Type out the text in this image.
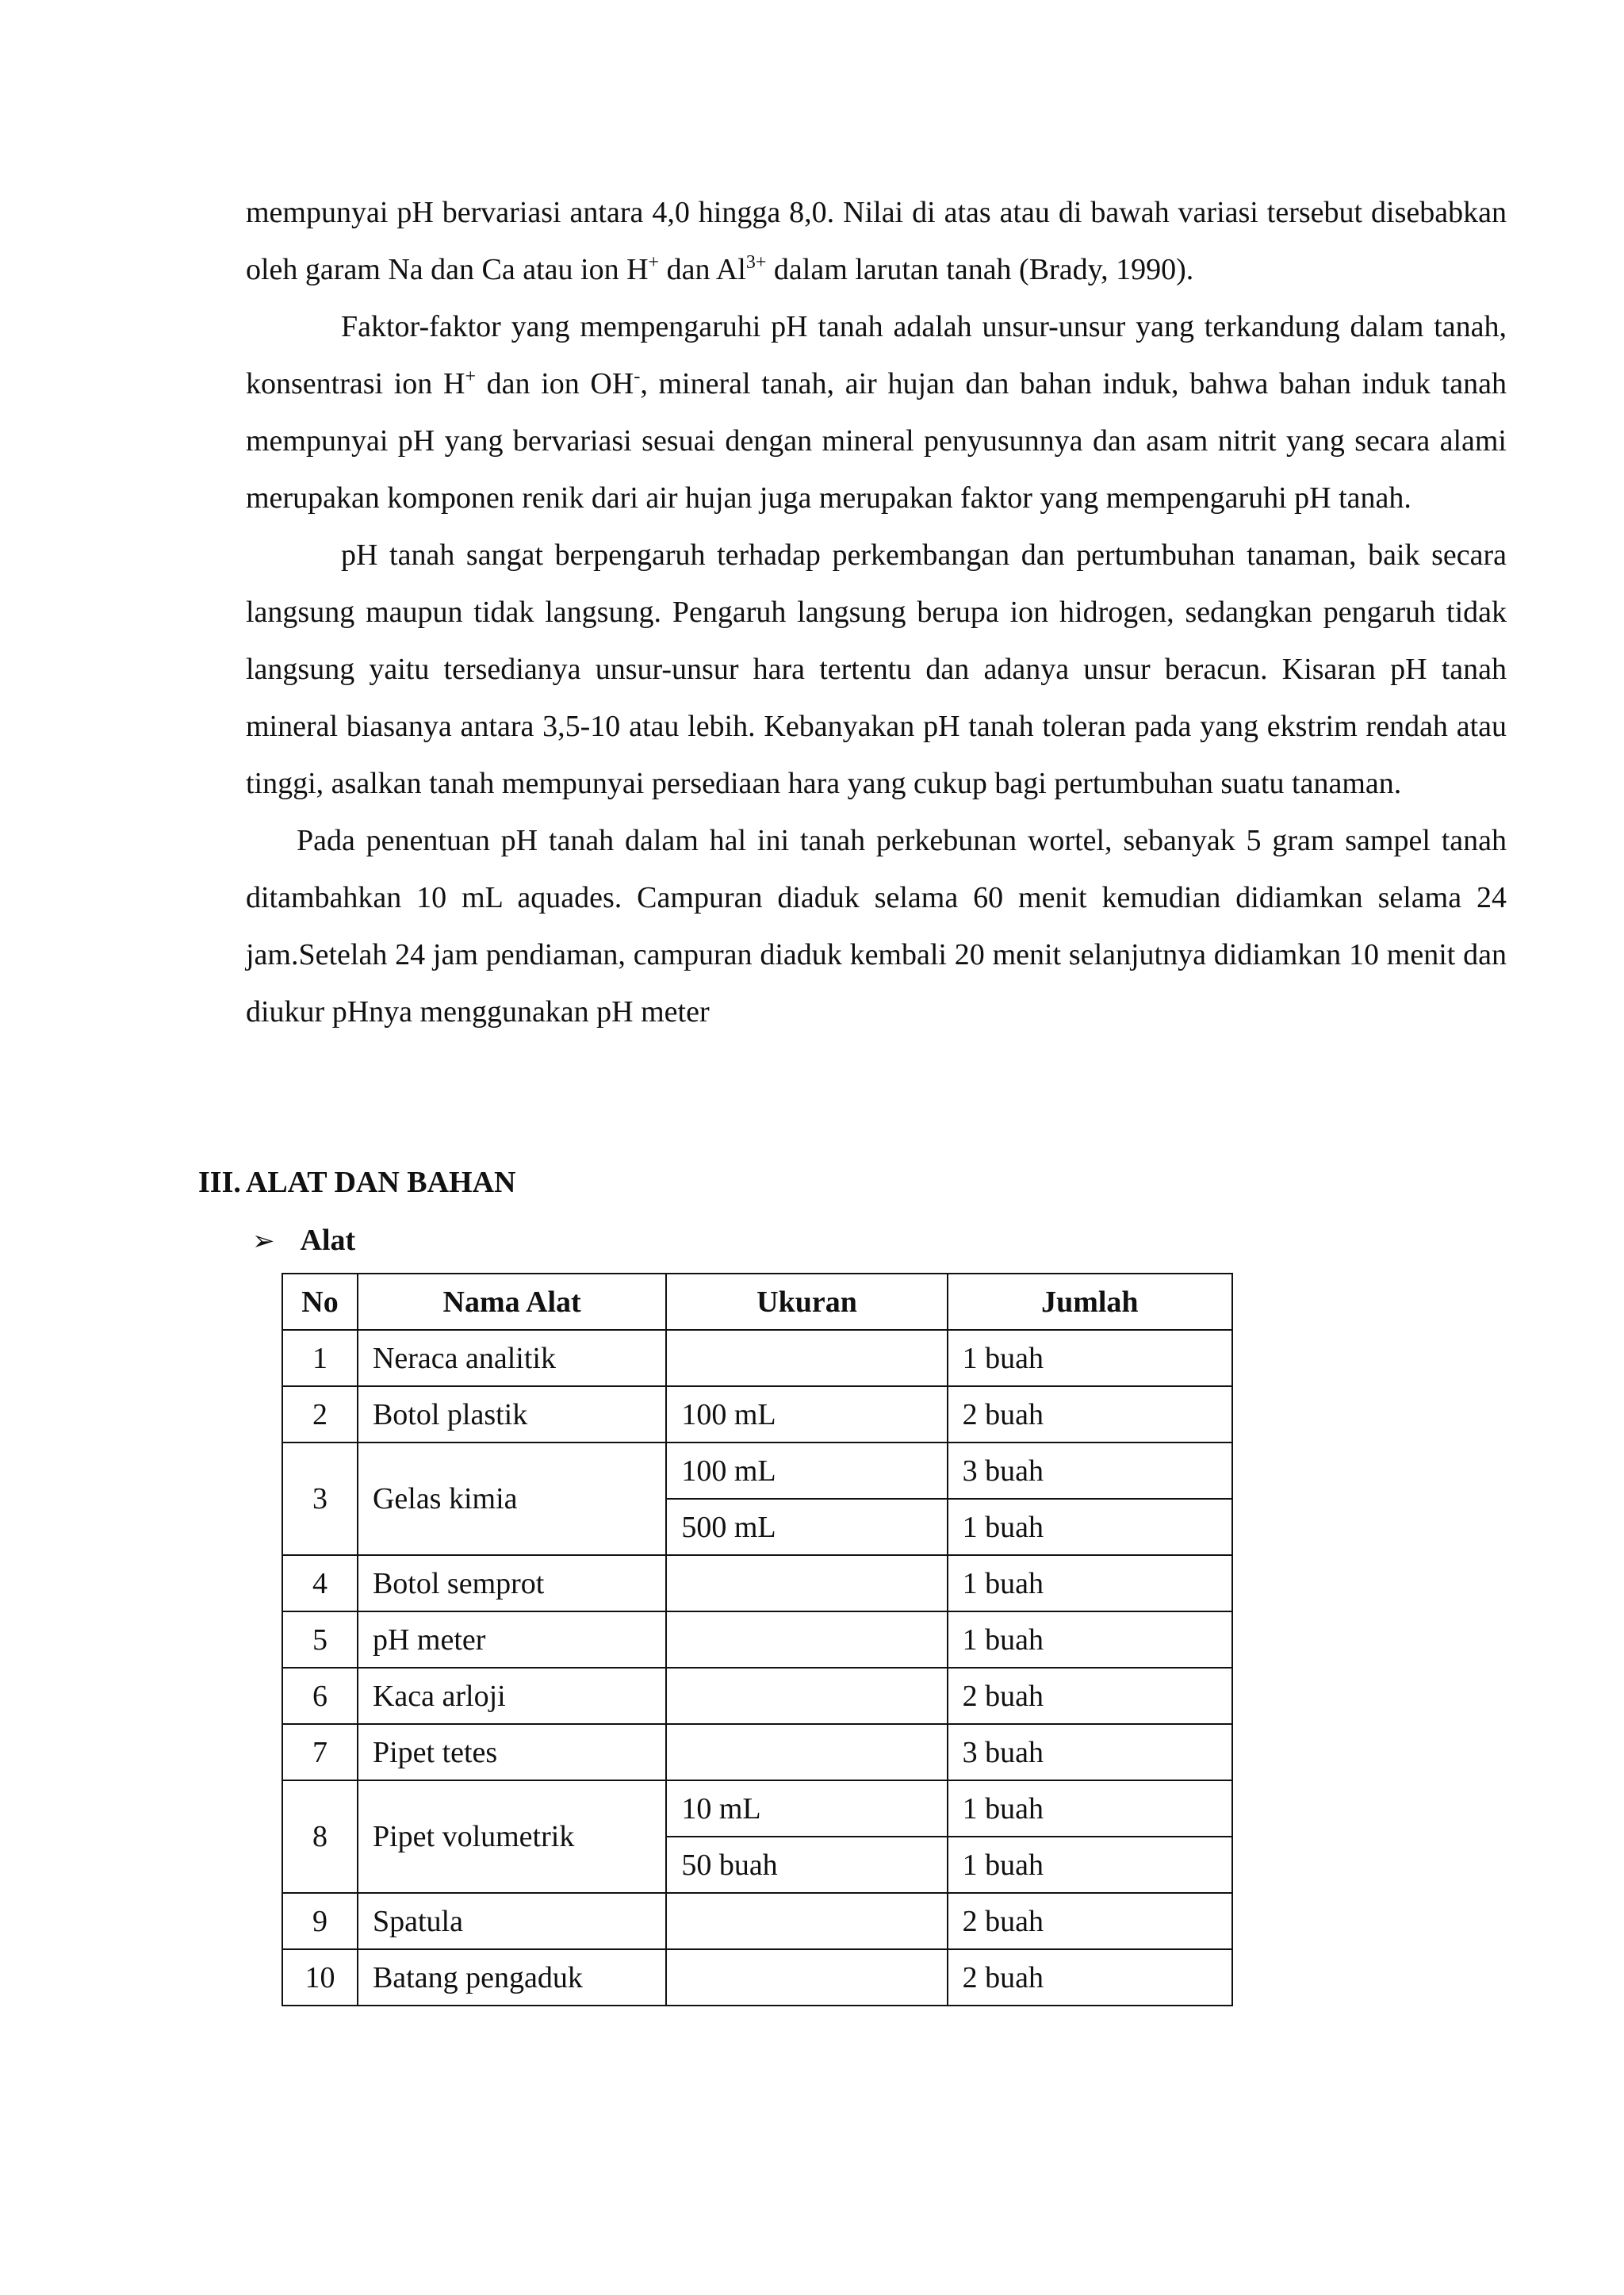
mempunyai pH bervariasi antara 4,0 hingga 8,0. Nilai di atas atau di bawah variasi tersebut disebabkan oleh garam Na dan Ca atau ion H+ dan $Al^{3+}$ dalam larutan tanah (Brady, 1990).

Faktor-faktor yang mempengaruhi pH tanah adalah unsur-unsur yang terkandung dalam tanah, konsentrasi ion H+ dan ion OH-, mineral tanah, air hujan dan bahan induk, bahwa bahan induk tanah mempunyai pH yang bervariasi sesuai dengan mineral penyusunnya dan asam nitrit yang secara alami merupakan komponen renik dari air hujan juga merupakan faktor yang mempengaruhi pH tanah.

pH tanah sangat berpengaruh terhadap perkembangan dan pertumbuhan tanaman, baik secara langsung maupun tidak langsung. Pengaruh langsung berupa ion hidrogen, sedangkan pengaruh tidak langsung yaitu tersedianya unsur-unsur hara tertentu dan adanya unsur beracun. Kisaran pH tanah mineral biasanya antara 3,5-10 atau lebih. Kebanyakan pH tanah toleran pada yang ekstrim rendah atau tinggi, asalkan tanah mempunyai persediaan hara yang cukup bagi pertumbuhan suatu tanaman.

Pada penentuan pH tanah dalam hal ini tanah perkebunan wortel, sebanyak 5 gram sampel tanah ditambahkan 10 mL aquades. Campuran diaduk selama 60 menit kemudian didiamkan selama 24 jam.Setelah 24 jam pendiaman, campuran diaduk kembali 20 menit selanjutnya didiamkan 10 menit dan diukur pHnya menggunakan pH meter

III. ALAT DAN BAHAN
➢ Alat
No	Nama Alat	Ukuran	Jumlah
1	Neraca analitik		1 buah
2	Botol plastik	100 mL	2 buah
3	Gelas kimia	100 mL	3 buah
		500 mL	1 buah
4	Botol semprot		1 buah
5	pH meter		1 buah
6	Kaca arloji		2 buah
7	Pipet tetes		3 buah
8	Pipet volumetrik	10 mL	1 buah
		50 buah	1 buah
9	Spatula		2 buah
10	Batang pengaduk		2 buah
